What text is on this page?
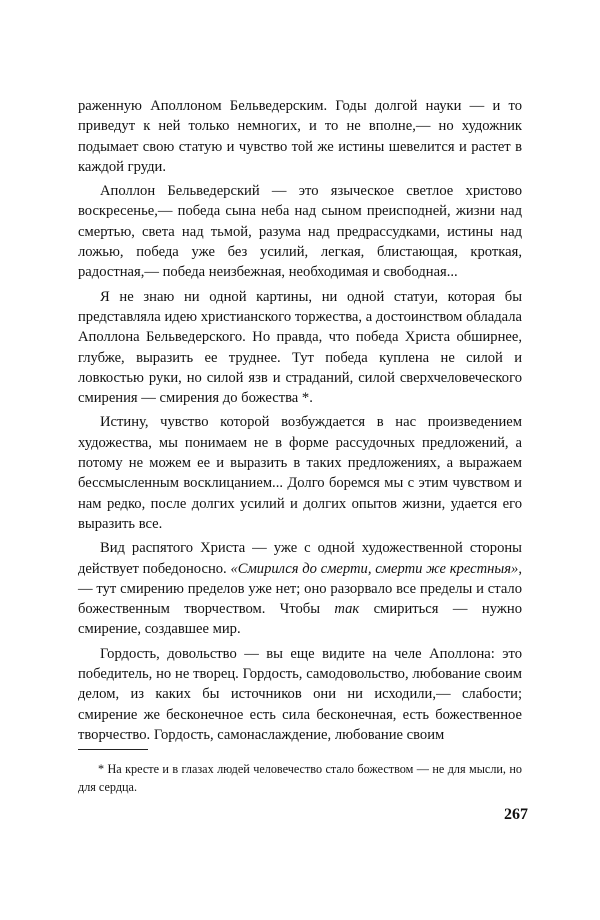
раженную Аполлоном Бельведерским. Годы долгой науки — и то приведут к ней только немногих, и то не вполне,— но художник подымает свою статую и чувство той же истины шевелится и растет в каждой груди.

Аполлон Бельведерский — это языческое светлое христово воскресенье,— победа сына неба над сыном преисподней, жизни над смертью, света над тьмой, разума над предрассудками, истины над ложью, победа уже без усилий, легкая, блистающая, кроткая, радостная,— победа неизбежная, необходимая и свободная...

Я не знаю ни одной картины, ни одной статуи, которая бы представляла идею христианского торжества, а достоинством обладала Аполлона Бельведерского. Но правда, что победа Христа обширнее, глубже, выразить ее труднее. Тут победа куплена не силой и ловкостью руки, но силой язв и страданий, силой сверхчеловеческого смирения — смирения до божества *.

Истину, чувство которой возбуждается в нас произведением художества, мы понимаем не в форме рассудочных предложений, а потому не можем ее и выразить в таких предложениях, а выражаем бессмысленным восклицанием... Долго боремся мы с этим чувством и нам редко, после долгих усилий и долгих опытов жизни, удается его выразить все.

Вид распятого Христа — уже с одной художественной стороны действует победоносно. «Смирился до смерти, смерти же крестныя»,— тут смирению пределов уже нет; оно разорвало все пределы и стало божественным творчеством. Чтобы так смириться — нужно смирение, создавшее мир.

Гордость, довольство — вы еще видите на челе Аполлона: это победитель, но не творец. Гордость, самодовольство, любование своим делом, из каких бы источников они ни исходили,— слабости; смирение же бесконечное есть сила бесконечная, есть божественное творчество. Гордость, самонаслаждение, любование своим

* На кресте и в глазах людей человечество стало божеством — не для мысли, но для сердца.

267
